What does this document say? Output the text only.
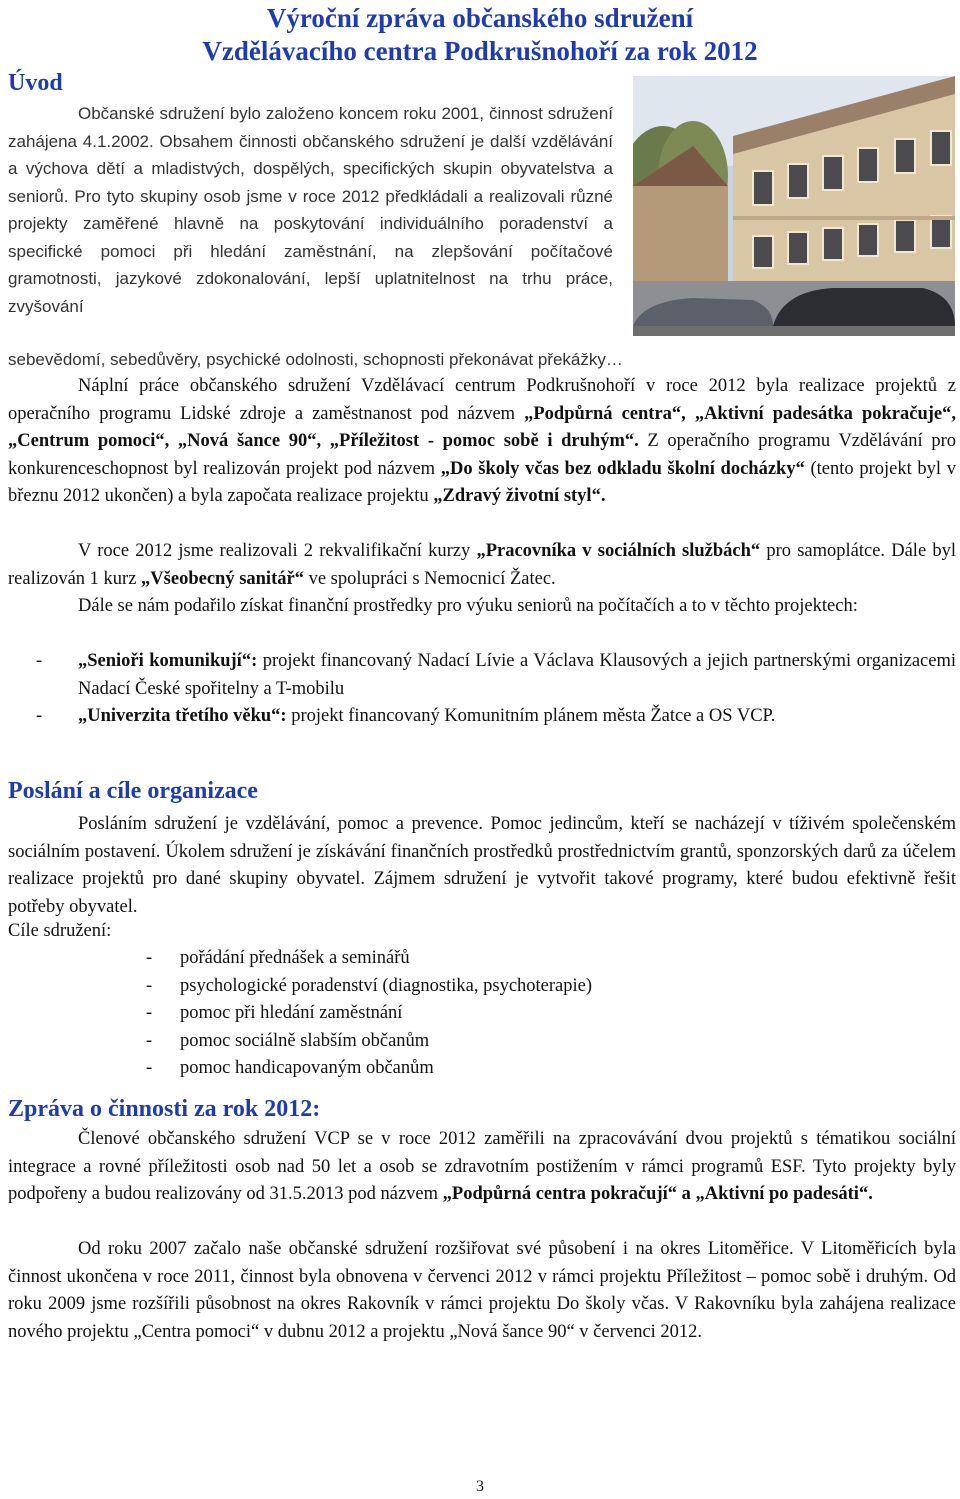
Výroční zpráva občanského sdružení
Vzdělávacího centra Podkrušnohoří za rok 2012
Úvod
Občanské sdružení bylo založeno koncem roku 2001, činnost sdružení zahájena 4.1.2002. Obsahem činnosti občanského sdružení je další vzdělávání a výchova dětí a mladistvých, dospělých, specifických skupin obyvatelstva a seniorů. Pro tyto skupiny osob jsme v roce 2012 předkládali a realizovali různé projekty zaměřené hlavně na poskytování individuálního poradenství a specifické pomoci při hledání zaměstnání, na zlepšování počítačové gramotnosti, jazykové zdokonalování, lepší uplatnitelnost na trhu práce, zvyšování
sebevědomí, sebedůvěry, psychické odolnosti, schopnosti překonávat překážky…
Náplní práce občanského sdružení Vzdělávací centrum Podkrušnohoří v roce 2012 byla realizace projektů z operačního programu Lidské zdroje a zaměstnanost pod názvem „Podpůrná centra“, „Aktivní padesátka pokračuje“, „Centrum pomoci“, „Nová šance 90“, „Příležitost - pomoc sobě i druhým“. Z operačního programu Vzdělávání pro konkurenceschopnost byl realizován projekt pod názvem „Do školy včas bez odkladu školní docházky“ (tento projekt byl v březnu 2012 ukončen) a byla započata realizace projektu „Zdravý životní styl“.
V roce 2012 jsme realizovali 2 rekvalifikační kurzy „Pracovníka v sociálních službách“ pro samoplátce. Dále byl realizován 1 kurz „Všeobecný sanitář“ ve spolupráci s Nemocnicí Žatec.
Dále se nám podařilo získat finanční prostředky pro výuku seniorů na počítačích a to v těchto projektech:
- „Senioři komunikují“: projekt financovaný Nadací Lívie a Václava Klausových a jejich partnerskými organizacemi Nadací České spořitelny a T-mobilu
- „Univerzita třetího věku“: projekt financovaný Komunitním plánem města Žatce a OS VCP.
Poslání a cíle organizace
Posláním sdružení je vzdělávání, pomoc a prevence. Pomoc jedincům, kteří se nacházejí v tíživém společenském sociálním postavení. Úkolem sdružení je získávání finančních prostředků prostřednictvím grantů, sponzorských darů za účelem realizace projektů pro dané skupiny obyvatel. Zájmem sdružení je vytvořit takové programy, které budou efektivně řešit potřeby obyvatel.
Cíle sdružení:
- pořádání přednášek a seminářů
- psychologické poradenství (diagnostika, psychoterapie)
- pomoc při hledání zaměstnání
- pomoc sociálně slabším občanům
- pomoc handicapovaným občanům
Zpráva o činnosti za rok 2012:
Členové občanského sdružení VCP se v roce 2012 zaměřili na zpracovávání dvou projektů s tématikou sociální integrace a rovné příležitosti osob nad 50 let a osob se zdravotním postižením v rámci programů ESF. Tyto projekty byly podpořeny a budou realizovány od 31.5.2013 pod názvem „Podpůrná centra pokračují“ a „Aktivní po padesáti“.
Od roku 2007 začalo naše občanské sdružení rozšiřovat své působení i na okres Litoměřice. V Litoměřicích byla činnost ukončena v roce 2011, činnost byla obnovena v červenci 2012 v rámci projektu Příležitost – pomoc sobě i druhým. Od roku 2009 jsme rozšířili působnost na okres Rakovník v rámci projektu Do školy včas. V Rakovníku byla zahájena realizace nového projektu „Centra pomoci“ v dubnu 2012 a projektu „Nová šance 90“ v červenci 2012.
3
